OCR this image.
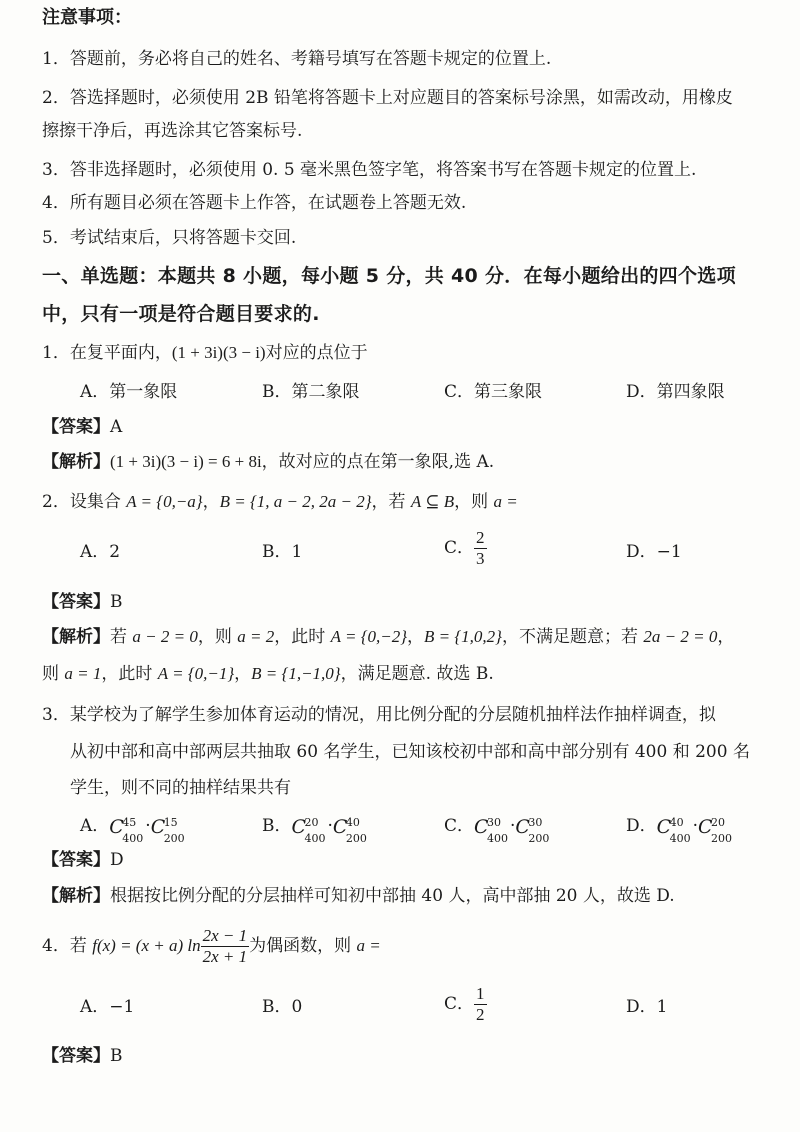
注意事项：
1．答题前，务必将自己的姓名、考籍号填写在答题卡规定的位置上.
2．答选择题时，必须使用 2B 铅笔将答题卡上对应题目的答案标号涂黑，如需改动，用橡皮
擦擦干净后，再选涂其它答案标号.
3．答非选择题时，必须使用 0. 5 毫米黑色签字笔，将答案书写在答题卡规定的位置上.
4．所有题目必须在答题卡上作答，在试题卷上答题无效.
5．考试结束后，只将答题卡交回.
一、单选题：本题共 8 小题，每小题 5 分，共 40 分．在每小题给出的四个选项
中，只有一项是符合题目要求的.
1．在复平面内，(1 + 3i)(3 − i)对应的点位于
A．第一象限	B．第二象限	C．第三象限	D．第四象限
【答案】A
【解析】(1 + 3i)(3 − i) = 6 + 8i，故对应的点在第一象限,选 A.
2．设集合 A = {0,−a}，B = {1, a − 2, 2a − 2}，若 A ⊆ B，则 a =
A．2	B．1	C． $\frac{2}{3}$	D．−1
【答案】B
【解析】若 a − 2 = 0，则 a = 2，此时 A = {0,−2}，B = {1,0,2}，不满足题意；若 2a − 2 = 0，
则 a = 1，此时 A = {0,−1}，B = {1,−1,0}，满足题意. 故选 B.
3．某学校为了解学生参加体育运动的情况，用比例分配的分层随机抽样法作抽样调查，拟
从初中部和高中部两层共抽取 60 名学生，已知该校初中部和高中部分别有 400 和 200 名
学生，则不同的抽样结果共有
A． C
45
400
· C
15
200
B． C
20
400
· C
40
200
C． C
30
400
· C
30
200
D． C
40
400
· C
20
200
【答案】D
【解析】根据按比例分配的分层抽样可知初中部抽 40 人，高中部抽 20 人，故选 D.
4．若 f(x) = (x + a) $\ln \frac{2x - 1}{2x + 1}$ 为偶函数，则 a =
A．−1	B．0	C． $\frac{1}{2}$	D．1
【答案】B
